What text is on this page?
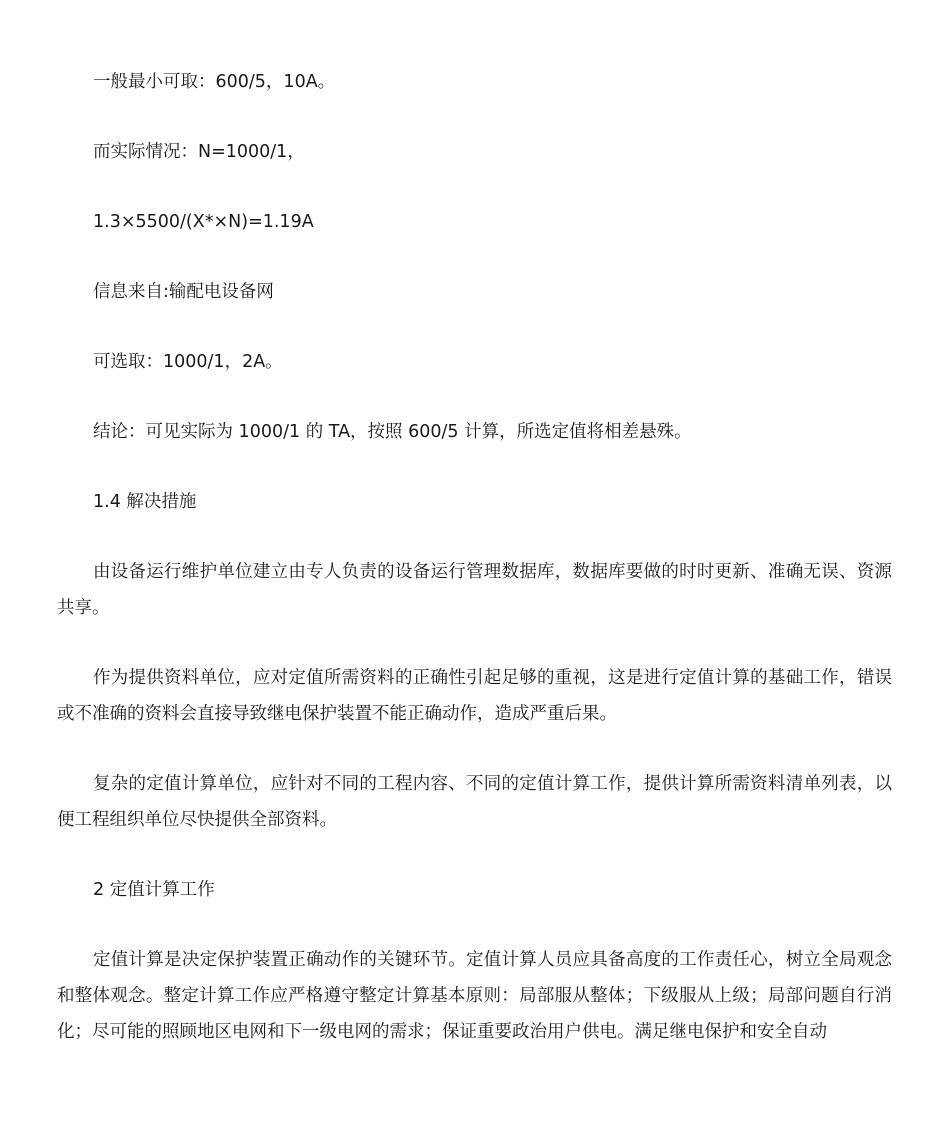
一般最小可取：600/5，10A。

而实际情况：N=1000/1，

1.3×5500/(X*×N)=1.19A

信息来自:输配电设备网

可选取：1000/1，2A。

结论：可见实际为 1000/1 的 TA，按照 600/5 计算，所选定值将相差悬殊。

1.4 解决措施

由设备运行维护单位建立由专人负责的设备运行管理数据库，数据库要做的时时更新、准确无误、资源共享。

作为提供资料单位，应对定值所需资料的正确性引起足够的重视，这是进行定值计算的基础工作，错误或不准确的资料会直接导致继电保护装置不能正确动作，造成严重后果。

复杂的定值计算单位，应针对不同的工程内容、不同的定值计算工作，提供计算所需资料清单列表，以便工程组织单位尽快提供全部资料。

2 定值计算工作

定值计算是决定保护装置正确动作的关键环节。定值计算人员应具备高度的工作责任心，树立全局观念和整体观念。整定计算工作应严格遵守整定计算基本原则：局部服从整体；下级服从上级；局部问题自行消化；尽可能的照顾地区电网和下一级电网的需求；保证重要政治用户供电。满足继电保护和安全自动
